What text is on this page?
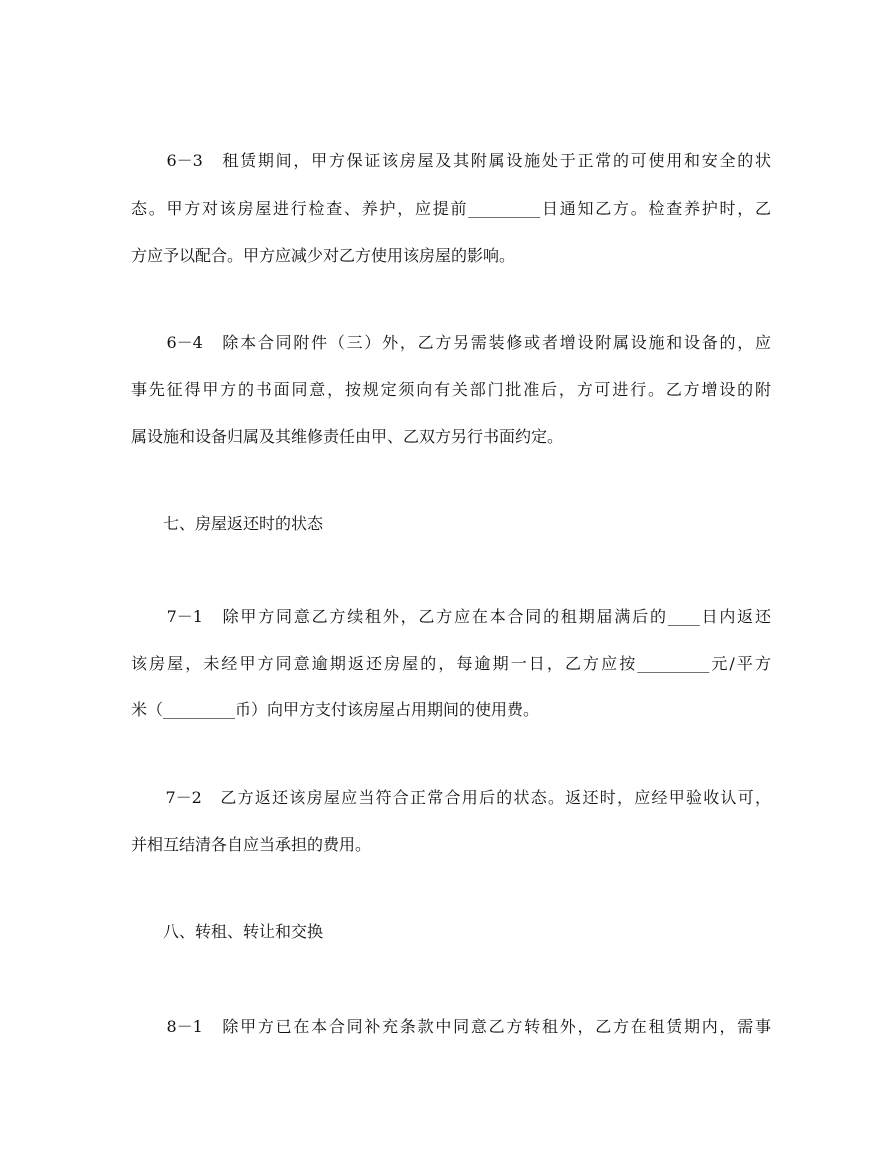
　　6－3　租赁期间，甲方保证该房屋及其附属设施处于正常的可使用和安全的状
态。甲方对该房屋进行检查、养护，应提前_________日通知乙方。检查养护时，乙
方应予以配合。甲方应减少对乙方使用该房屋的影响。
　　6－4　除本合同附件（三）外，乙方另需装修或者增设附属设施和设备的，应
事先征得甲方的书面同意，按规定须向有关部门批准后，方可进行。乙方增设的附
属设施和设备归属及其维修责任由甲、乙双方另行书面约定。
　　七、房屋返还时的状态
　　7－1　除甲方同意乙方续租外，乙方应在本合同的租期届满后的____日内返还
该房屋，未经甲方同意逾期返还房屋的，每逾期一日，乙方应按_________元/平方
米（_________币）向甲方支付该房屋占用期间的使用费。
　　7－2　乙方返还该房屋应当符合正常合用后的状态。返还时，应经甲验收认可，
并相互结清各自应当承担的费用。
　　八、转租、转让和交换
　　8－1　除甲方已在本合同补充条款中同意乙方转租外，乙方在租赁期内，需事
